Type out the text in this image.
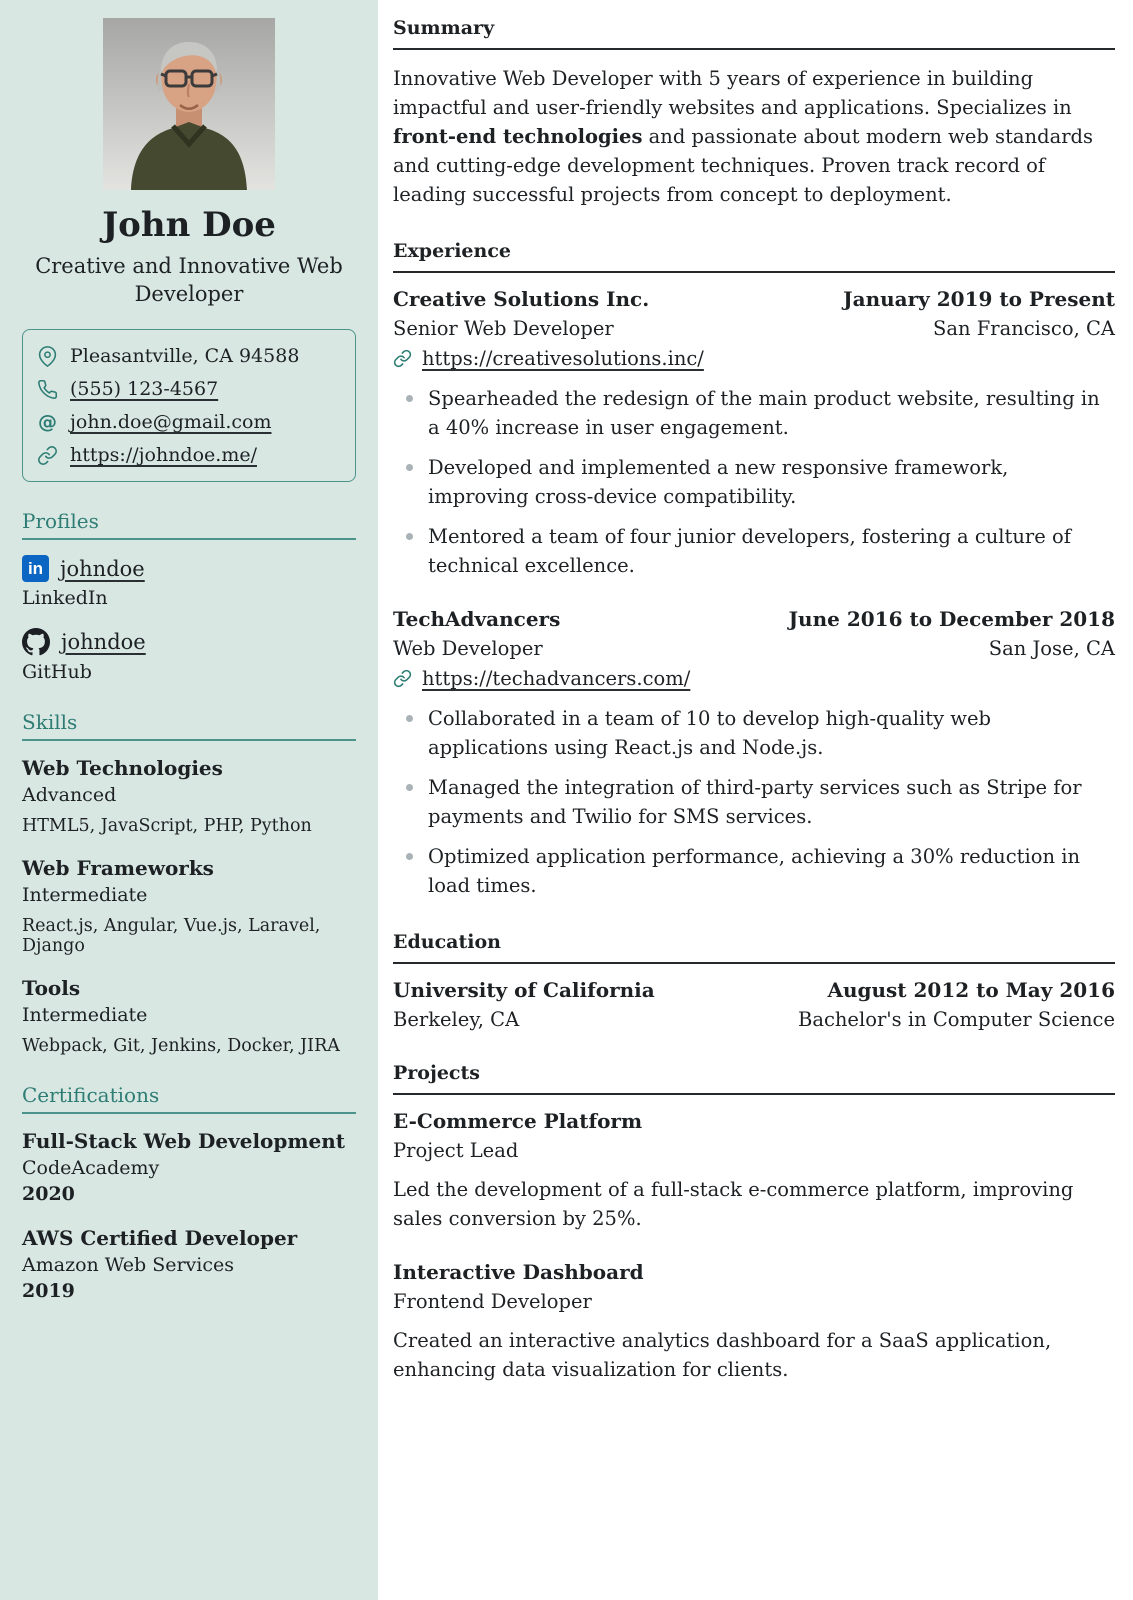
John Doe
Creative and Innovative Web Developer
Pleasantville, CA 94588
(555) 123-4567
@ john.doe@gmail.com
https://johndoe.me/
Profiles
in johndoe
LinkedIn
johndoe
GitHub
Skills
Web Technologies
Advanced
HTML5, JavaScript, PHP, Python
Web Frameworks
Intermediate
React.js, Angular, Vue.js, Laravel, Django
Tools
Intermediate
Webpack, Git, Jenkins, Docker, JIRA
Certifications
Full-Stack Web Development
CodeAcademy
2020
AWS Certified Developer
Amazon Web Services
2019
Summary

Innovative Web Developer with 5 years of experience in building impactful and user-friendly websites and applications. Specializes in front-end technologies and passionate about modern web standards and cutting-edge development techniques. Proven track record of leading successful projects from concept to deployment.

Experience
Creative Solutions Inc.	January 2019 to Present
Senior Web Developer	San Francisco, CA
https://creativesolutions.inc/
Spearheaded the redesign of the main product website, resulting in a 40% increase in user engagement.
Developed and implemented a new responsive framework, improving cross-device compatibility.
Mentored a team of four junior developers, fostering a culture of technical excellence.
TechAdvancers	June 2016 to December 2018
Web Developer	San Jose, CA
https://techadvancers.com/
Collaborated in a team of 10 to develop high-quality web applications using React.js and Node.js.
Managed the integration of third-party services such as Stripe for payments and Twilio for SMS services.
Optimized application performance, achieving a 30% reduction in load times.
Education
University of California	August 2012 to May 2016
Berkeley, CA	Bachelor's in Computer Science
Projects
E-Commerce Platform
Project Lead

Led the development of a full-stack e-commerce platform, improving sales conversion by 25%.

Interactive Dashboard
Frontend Developer

Created an interactive analytics dashboard for a SaaS application, enhancing data visualization for clients.
